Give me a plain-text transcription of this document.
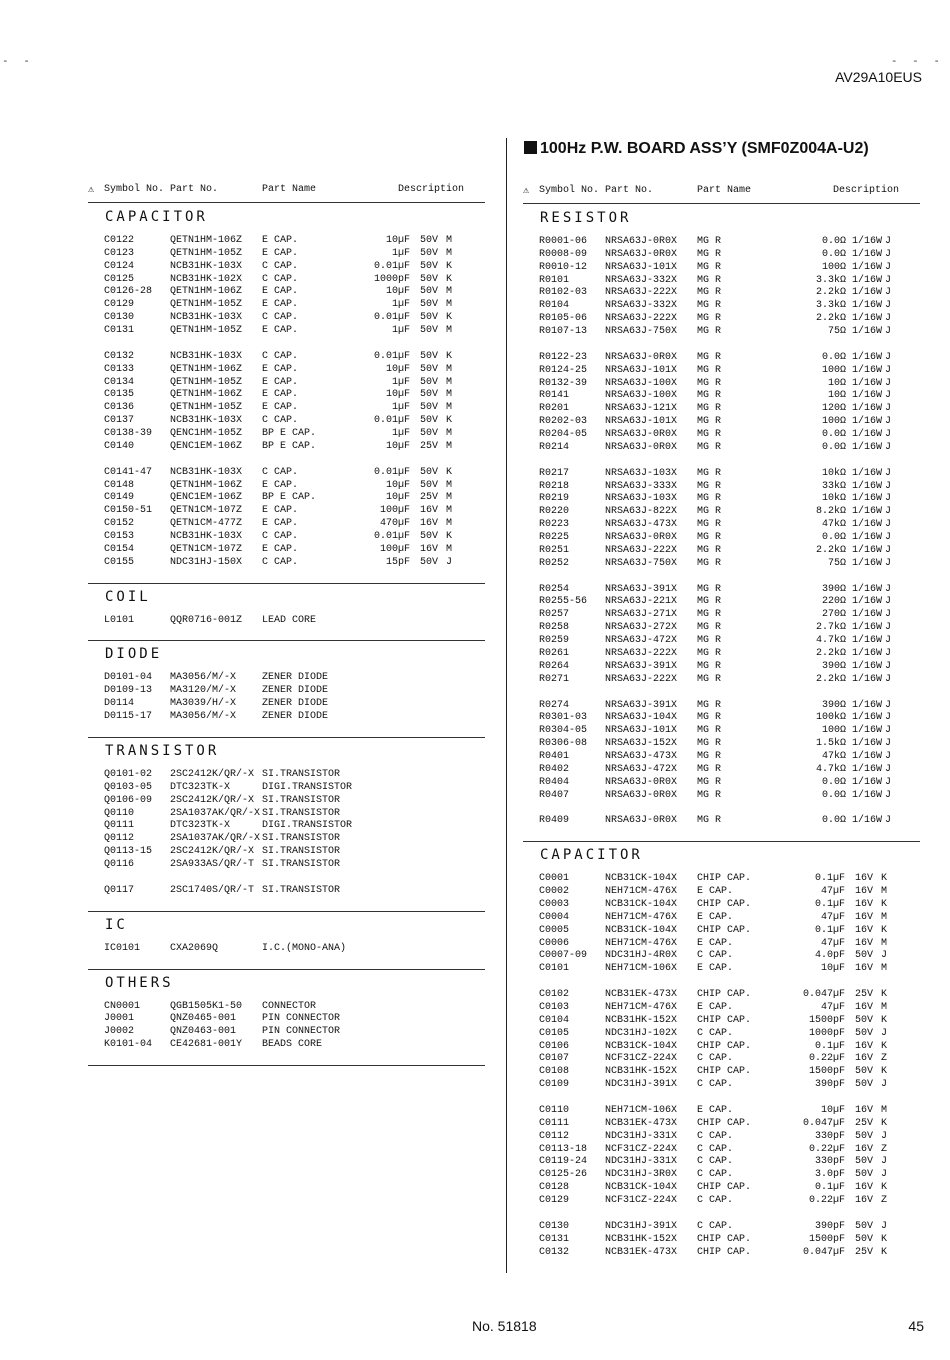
- -	- - -
AV29A10EUS
100Hz P.W. BOARD ASS’Y (SMF0Z004A-U2)
⚠ Symbol No. Part No.	Part Name	Description
CAPACITOR
C0122	QETN1HM-106Z E CAP.	10µF 50V M
C0123	QETN1HM-105Z E CAP.	1µF 50V M
C0124	NCB31HK-103X C CAP.	0.01µF 50V K
C0125	NCB31HK-102X C CAP.	1000pF 50V K
C0126-28 QETN1HM-106Z E CAP.	10µF 50V M
C0129	QETN1HM-105Z E CAP.	1µF 50V M
C0130	NCB31HK-103X C CAP.	0.01µF 50V K
C0131	QETN1HM-105Z E CAP.	1µF 50V M
C0132	NCB31HK-103X C CAP.	0.01µF 50V K
C0133	QETN1HM-106Z E CAP.	10µF 50V M
C0134	QETN1HM-105Z E CAP.	1µF 50V M
C0135	QETN1HM-106Z E CAP.	10µF 50V M
C0136	QETN1HM-105Z E CAP.	1µF 50V M
C0137	NCB31HK-103X C CAP.	0.01µF 50V K
C0138-39 QENC1HM-105Z BP E CAP.	1µF 50V M
C0140	QENC1EM-106Z BP E CAP.	10µF 25V M
C0141-47 NCB31HK-103X C CAP.	0.01µF 50V K
C0148	QETN1HM-106Z E CAP.	10µF 50V M
C0149	QENC1EM-106Z BP E CAP.	10µF 25V M
C0150-51 QETN1CM-107Z E CAP.	100µF 16V M
C0152	QETN1CM-477Z E CAP.	470µF 16V M
C0153	NCB31HK-103X C CAP.	0.01µF 50V K
C0154	QETN1CM-107Z E CAP.	100µF 16V M
C0155	NDC31HJ-150X C CAP.	15pF 50V J
COIL
L0101	QQR0716-001Z LEAD CORE
DIODE
D0101-04 MA3056/M/-X	ZENER DIODE
D0109-13 MA3120/M/-X	ZENER DIODE
D0114	MA3039/H/-X	ZENER DIODE
D0115-17 MA3056/M/-X	ZENER DIODE
TRANSISTOR
Q0101-02 2SC2412K/QR/-X SI.TRANSISTOR
Q0103-05 DTC323TK-X	DIGI.TRANSISTOR
Q0106-09 2SC2412K/QR/-X SI.TRANSISTOR
Q0110	2SA1037AK/QR/-X SI.TRANSISTOR
Q0111	DTC323TK-X	DIGI.TRANSISTOR
Q0112	2SA1037AK/QR/-X SI.TRANSISTOR
Q0113-15 2SC2412K/QR/-X SI.TRANSISTOR
Q0116	2SA933AS/QR/-T SI.TRANSISTOR
Q0117	2SC1740S/QR/-T SI.TRANSISTOR
IC
IC0101	CXA2069Q	I.C.(MONO-ANA)
OTHERS
CN0001	QGB1505K1-50 CONNECTOR
J0001	QNZ0465-001	PIN CONNECTOR
J0002	QNZ0463-001	PIN CONNECTOR
K0101-04 CE42681-001Y BEADS CORE
⚠ Symbol No. Part No.	Part Name	Description
RESISTOR
R0001-06 NRSA63J-0R0X MG R	0.0Ω 1/16W J
R0008-09 NRSA63J-0R0X MG R	0.0Ω 1/16W J
R0010-12 NRSA63J-101X MG R	100Ω 1/16W J
R0101	NRSA63J-332X MG R	3.3kΩ 1/16W J
R0102-03 NRSA63J-222X MG R	2.2kΩ 1/16W J
R0104	NRSA63J-332X MG R	3.3kΩ 1/16W J
R0105-06 NRSA63J-222X MG R	2.2kΩ 1/16W J
R0107-13 NRSA63J-750X MG R	75Ω 1/16W J
R0122-23 NRSA63J-0R0X MG R	0.0Ω 1/16W J
R0124-25 NRSA63J-101X MG R	100Ω 1/16W J
R0132-39 NRSA63J-100X MG R	10Ω 1/16W J
R0141	NRSA63J-100X MG R	10Ω 1/16W J
R0201	NRSA63J-121X MG R	120Ω 1/16W J
R0202-03 NRSA63J-101X MG R	100Ω 1/16W J
R0204-05 NRSA63J-0R0X MG R	0.0Ω 1/16W J
R0214	NRSA63J-0R0X MG R	0.0Ω 1/16W J
R0217	NRSA63J-103X MG R	10kΩ 1/16W J
R0218	NRSA63J-333X MG R	33kΩ 1/16W J
R0219	NRSA63J-103X MG R	10kΩ 1/16W J
R0220	NRSA63J-822X MG R	8.2kΩ 1/16W J
R0223	NRSA63J-473X MG R	47kΩ 1/16W J
R0225	NRSA63J-0R0X MG R	0.0Ω 1/16W J
R0251	NRSA63J-222X MG R	2.2kΩ 1/16W J
R0252	NRSA63J-750X MG R	75Ω 1/16W J
R0254	NRSA63J-391X MG R	390Ω 1/16W J
R0255-56 NRSA63J-221X MG R	220Ω 1/16W J
R0257	NRSA63J-271X MG R	270Ω 1/16W J
R0258	NRSA63J-272X MG R	2.7kΩ 1/16W J
R0259	NRSA63J-472X MG R	4.7kΩ 1/16W J
R0261	NRSA63J-222X MG R	2.2kΩ 1/16W J
R0264	NRSA63J-391X MG R	390Ω 1/16W J
R0271	NRSA63J-222X MG R	2.2kΩ 1/16W J
R0274	NRSA63J-391X MG R	390Ω 1/16W J
R0301-03 NRSA63J-104X MG R	100kΩ 1/16W J
R0304-05 NRSA63J-101X MG R	100Ω 1/16W J
R0306-08 NRSA63J-152X MG R	1.5kΩ 1/16W J
R0401	NRSA63J-473X MG R	47kΩ 1/16W J
R0402	NRSA63J-472X MG R	4.7kΩ 1/16W J
R0404	NRSA63J-0R0X MG R	0.0Ω 1/16W J
R0407	NRSA63J-0R0X MG R	0.0Ω 1/16W J
R0409	NRSA63J-0R0X MG R	0.0Ω 1/16W J
CAPACITOR
C0001	NCB31CK-104X CHIP CAP.	0.1µF 16V K
C0002	NEH71CM-476X E CAP.	47µF 16V M
C0003	NCB31CK-104X CHIP CAP.	0.1µF 16V K
C0004	NEH71CM-476X E CAP.	47µF 16V M
C0005	NCB31CK-104X CHIP CAP.	0.1µF 16V K
C0006	NEH71CM-476X E CAP.	47µF 16V M
C0007-09 NDC31HJ-4R0X C CAP.	4.0pF 50V J
C0101	NEH71CM-106X E CAP.	10µF 16V M
C0102	NCB31EK-473X CHIP CAP.	0.047µF 25V K
C0103	NEH71CM-476X E CAP.	47µF 16V M
C0104	NCB31HK-152X CHIP CAP.	1500pF 50V K
C0105	NDC31HJ-102X C CAP.	1000pF 50V J
C0106	NCB31CK-104X CHIP CAP.	0.1µF 16V K
C0107	NCF31CZ-224X C CAP.	0.22µF 16V Z
C0108	NCB31HK-152X CHIP CAP.	1500pF 50V K
C0109	NDC31HJ-391X C CAP.	390pF 50V J
C0110	NEH71CM-106X E CAP.	10µF 16V M
C0111	NCB31EK-473X CHIP CAP.	0.047µF 25V K
C0112	NDC31HJ-331X C CAP.	330pF 50V J
C0113-18 NCF31CZ-224X C CAP.	0.22µF 16V Z
C0119-24 NDC31HJ-331X C CAP.	330pF 50V J
C0125-26 NDC31HJ-3R0X C CAP.	3.0pF 50V J
C0128	NCB31CK-104X CHIP CAP.	0.1µF 16V K
C0129	NCF31CZ-224X C CAP.	0.22µF 16V Z
C0130	NDC31HJ-391X C CAP.	390pF 50V J
C0131	NCB31HK-152X CHIP CAP.	1500pF 50V K
C0132	NCB31EK-473X CHIP CAP.	0.047µF 25V K
No. 51818	45
